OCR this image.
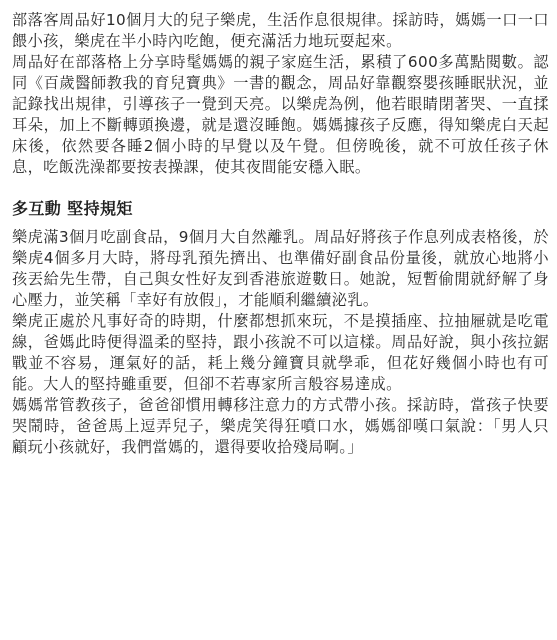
部落客周品好10個月大的兒子樂虎，生活作息很規律。採訪時，媽媽一口一口餵小孩，樂虎在半小時內吃飽，便充滿活力地玩耍起來。

周品好在部落格上分享時髦媽媽的親子家庭生活，累積了600多萬點閱數。認同《百歲醫師教我的育兒寶典》一書的觀念，周品好靠觀察嬰孩睡眠狀況，並記錄找出規律，引導孩子一覺到天亮。以樂虎為例，他若眼睛閉著哭、一直揉耳朵，加上不斷轉頭換邊，就是還沒睡飽。媽媽據孩子反應，得知樂虎白天起床後，依然要各睡2個小時的早覺以及午覺。但傍晚後，就不可放任孩子休息，吃飯洗澡都要按表操課，使其夜間能安穩入眠。

多互動 堅持規矩

樂虎滿3個月吃副食品，9個月大自然離乳。周品好將孩子作息列成表格後，於樂虎4個多月大時，將母乳預先擠出、也準備好副食品份量後，就放心地將小孩丟給先生帶，自己與女性好友到香港旅遊數日。她說，短暫偷閒就紓解了身心壓力，並笑稱「幸好有放假」，才能順利繼續泌乳。

樂虎正處於凡事好奇的時期，什麼都想抓來玩，不是摸插座、拉抽屜就是吃電線，爸媽此時便得溫柔的堅持，跟小孩說不可以這樣。周品好說，與小孩拉鋸戰並不容易，運氣好的話，耗上幾分鐘寶貝就學乖，但花好幾個小時也有可能。大人的堅持雖重要，但卻不若專家所言般容易達成。

媽媽常管教孩子，爸爸卻慣用轉移注意力的方式帶小孩。採訪時，當孩子快要哭鬧時，爸爸馬上逗弄兒子，樂虎笑得狂噴口水，媽媽卻嘆口氣說：「男人只顧玩小孩就好，我們當媽的，還得要收拾殘局啊。」
